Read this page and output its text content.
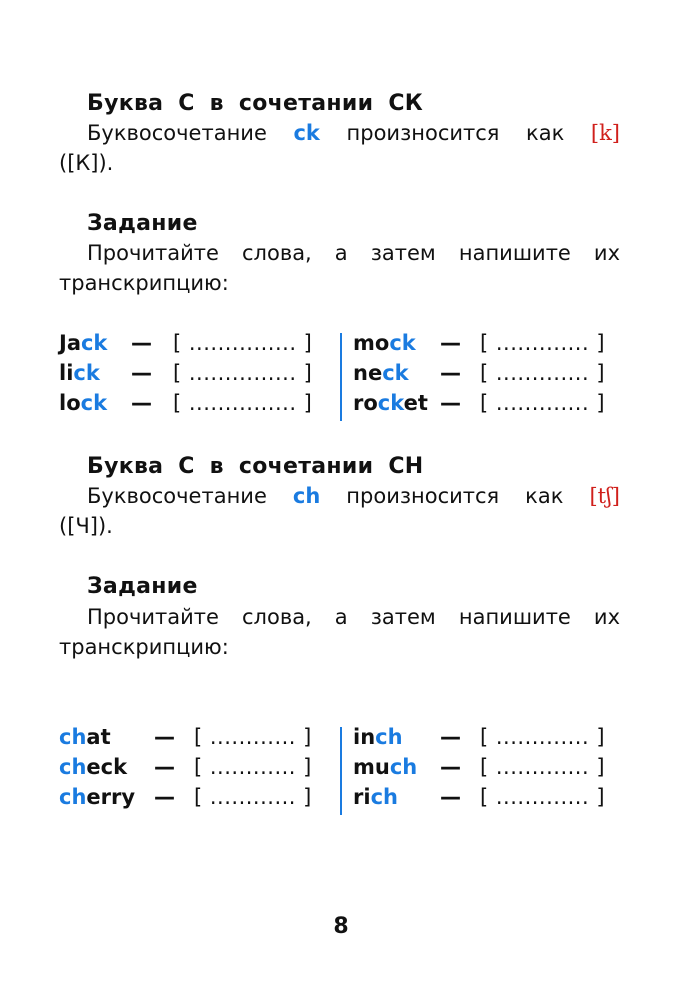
Буква С в сочетании СК
Буквосочетание ck произносится как [k]
([К]).
Задание
Прочитайте слова, а затем напишите их
транскрипцию:
Jack — [ ............... ] mock — [ ............. ]
lick — [ ............... ] neck — [ ............. ]
lock — [ ............... ] rocket — [ ............. ]
Буква С в сочетании СН
Буквосочетание ch произносится как [tʃ]
([Ч]).
Задание
Прочитайте слова, а затем напишите их
транскрипцию:
chat — [ ............ ] inch — [ ............. ]
check — [ ............ ] much — [ ............. ]
cherry — [ ............ ] rich — [ ............. ]
8
